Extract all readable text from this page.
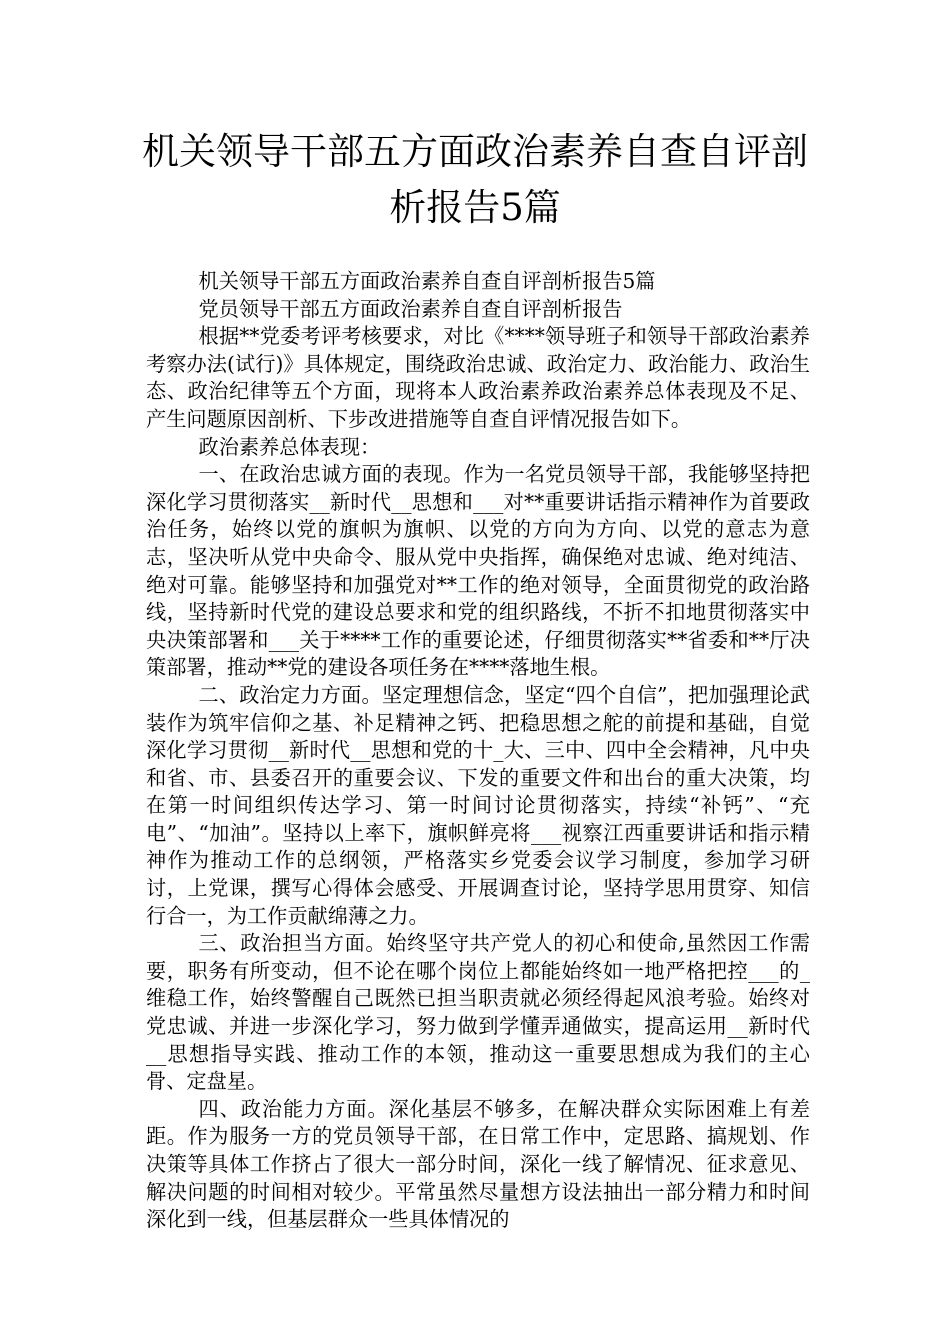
机关领导干部五方面政治素养自查自评剖析报告5篇

机关领导干部五方面政治素养自查自评剖析报告5篇

党员领导干部五方面政治素养自查自评剖析报告

根据**党委考评考核要求，对比《****领导班子和领导干部政治素养考察办法(试行)》具体规定，围绕政治忠诚、政治定力、政治能力、政治生态、政治纪律等五个方面，现将本人政治素养政治素养总体表现及不足、产生问题原因剖析、下步改进措施等自查自评情况报告如下。

政治素养总体表现：

一、在政治忠诚方面的表现。作为一名党员领导干部，我能够坚持把深化学习贯彻落实__新时代__思想和___对**重要讲话指示精神作为首要政治任务，始终以党的旗帜为旗帜、以党的方向为方向、以党的意志为意志，坚决听从党中央命令、服从党中央指挥，确保绝对忠诚、绝对纯洁、绝对可靠。能够坚持和加强党对**工作的绝对领导，全面贯彻党的政治路线，坚持新时代党的建设总要求和党的组织路线，不折不扣地贯彻落实中央决策部署和___关于****工作的重要论述，仔细贯彻落实**省委和**厅决策部署，推动**党的建设各项任务在****落地生根。

二、政治定力方面。坚定理想信念，坚定“四个自信”，把加强理论武装作为筑牢信仰之基、补足精神之钙、把稳思想之舵的前提和基础，自觉深化学习贯彻__新时代__思想和党的十_大、三中、四中全会精神，凡中央和省、市、县委召开的重要会议、下发的重要文件和出台的重大决策，均在第一时间组织传达学习、第一时间讨论贯彻落实，持续“补钙”、“充电”、“加油”。坚持以上率下，旗帜鲜亮将___视察江西重要讲话和指示精神作为推动工作的总纲领，严格落实乡党委会议学习制度，参加学习研讨，上党课，撰写心得体会感受、开展调查讨论，坚持学思用贯穿、知信行合一，为工作贡献绵薄之力。

三、政治担当方面。始终坚守共产党人的初心和使命,虽然因工作需要，职务有所变动，但不论在哪个岗位上都能始终如一地严格把控___的_维稳工作，始终警醒自己既然已担当职责就必须经得起风浪考验。始终对党忠诚、并进一步深化学习，努力做到学懂弄通做实，提高运用__新时代__思想指导实践、推动工作的本领，推动这一重要思想成为我们的主心骨、定盘星。

四、政治能力方面。深化基层不够多，在解决群众实际困难上有差距。作为服务一方的党员领导干部，在日常工作中，定思路、搞规划、作决策等具体工作挤占了很大一部分时间，深化一线了解情况、征求意见、解决问题的时间相对较少。平常虽然尽量想方设法抽出一部分精力和时间深化到一线，但基层群众一些具体情况的
